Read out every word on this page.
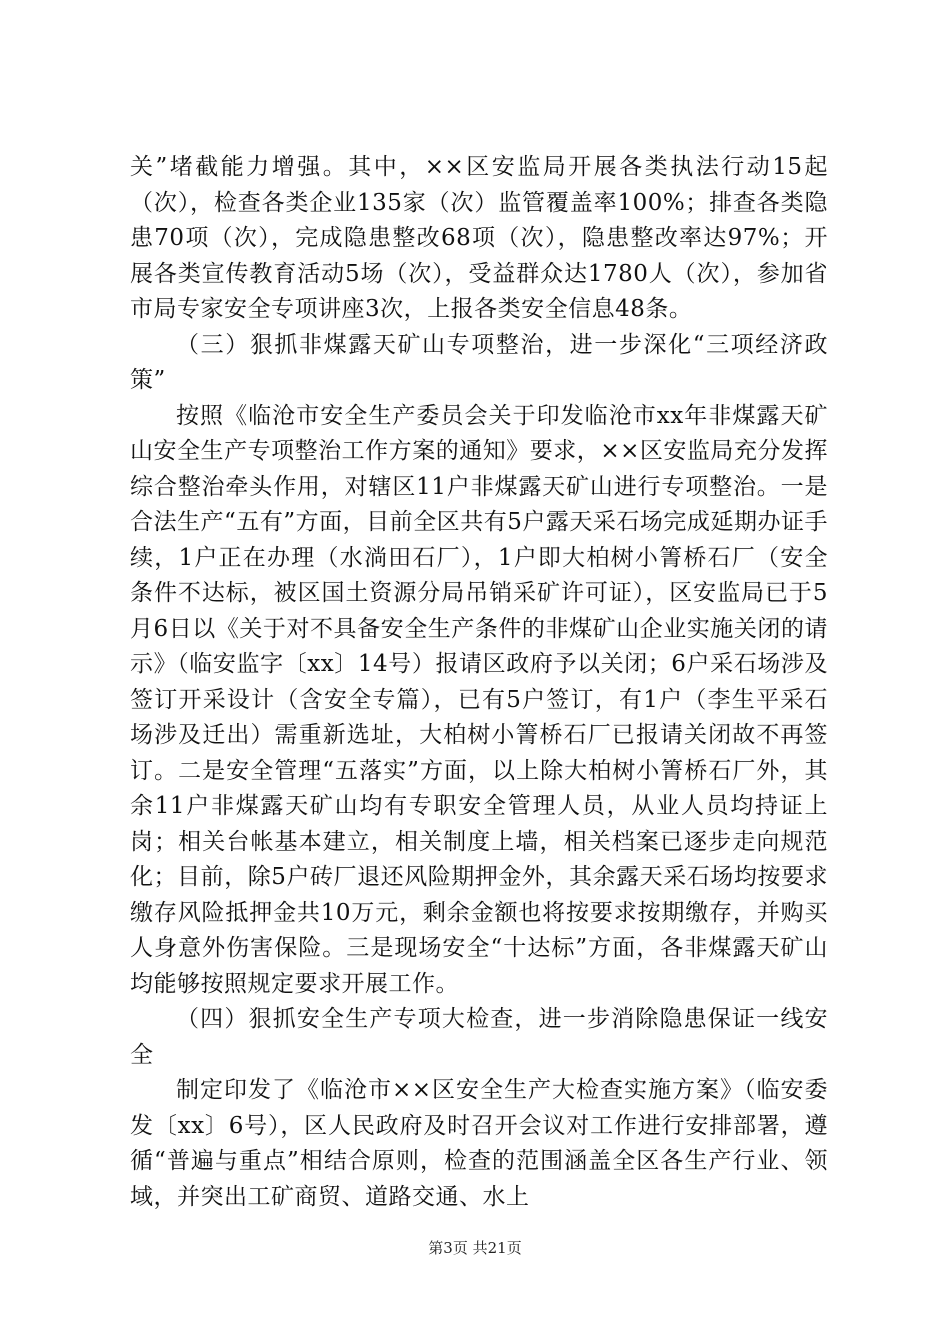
关”堵截能力增强。其中，××区安监局开展各类执法行动15起（次），检查各类企业135家（次）监管覆盖率100%；排查各类隐患70项（次），完成隐患整改68项（次），隐患整改率达97%；开展各类宣传教育活动5场（次），受益群众达1780人（次），参加省市局专家安全专项讲座3次，上报各类安全信息48条。

（三）狠抓非煤露天矿山专项整治，进一步深化“三项经济政策”

按照《临沧市安全生产委员会关于印发临沧市xx年非煤露天矿山安全生产专项整治工作方案的通知》要求，××区安监局充分发挥综合整治牵头作用，对辖区11户非煤露天矿山进行专项整治。一是合法生产“五有”方面，目前全区共有5户露天采石场完成延期办证手续，1户正在办理（水淌田石厂），1户即大柏树小箐桥石厂（安全条件不达标，被区国土资源分局吊销采矿许可证），区安监局已于5月6日以《关于对不具备安全生产条件的非煤矿山企业实施关闭的请示》（临安监字〔xx〕14号）报请区政府予以关闭；6户采石场涉及签订开采设计（含安全专篇），已有5户签订，有1户（李生平采石场涉及迁出）需重新选址，大柏树小箐桥石厂已报请关闭故不再签订。二是安全管理“五落实”方面，以上除大柏树小箐桥石厂外，其余11户非煤露天矿山均有专职安全管理人员，从业人员均持证上岗；相关台帐基本建立，相关制度上墙，相关档案已逐步走向规范化；目前，除5户砖厂退还风险期押金外，其余露天采石场均按要求缴存风险抵押金共10万元，剩余金额也将按要求按期缴存，并购买人身意外伤害保险。三是现场安全“十达标”方面，各非煤露天矿山均能够按照规定要求开展工作。

（四）狠抓安全生产专项大检查，进一步消除隐患保证一线安全

制定印发了《临沧市××区安全生产大检查实施方案》（临安委发〔xx〕6号），区人民政府及时召开会议对工作进行安排部署，遵循“普遍与重点”相结合原则，检查的范围涵盖全区各生产行业、领域，并突出工矿商贸、道路交通、水上

第3页 共21页
